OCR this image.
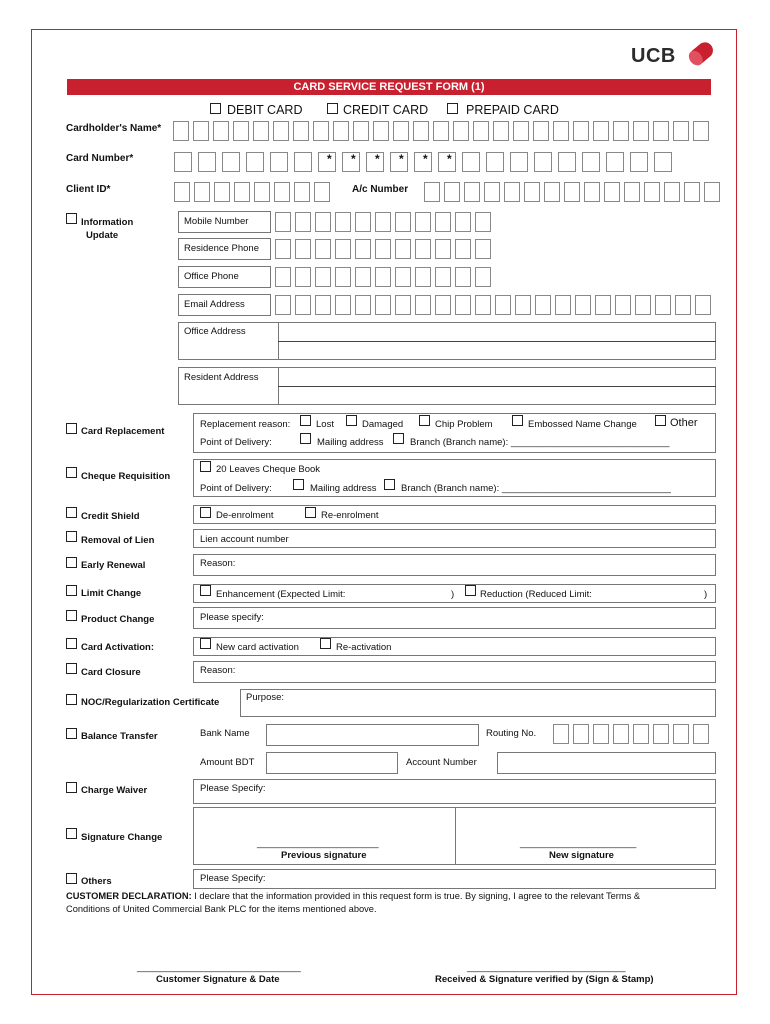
UCB
CARD SERVICE REQUEST FORM (1)
DEBIT CARD	CREDIT CARD	PREPAID CARD
Cardholder's Name*
Card Number*	* * * * * *
Client ID*	A/c Number
Information
Update
Mobile Number
Residence Phone
Office Phone
Email Address
Office Address
Resident Address
Card Replacement
Replacement reason:	Lost	Damaged	Chip Problem	Embossed Name Change	Other
Point of Delivery:	Mailing address	Branch (Branch name): ______________________________
Cheque Requisition
20 Leaves Cheque Book
Point of Delivery:	Mailing address	Branch (Branch name): ________________________________
Credit Shield	De-enrolment	Re-enrolment
Removal of Lien	Lien account number
Early Renewal	Reason:
Limit Change	Enhancement (Expected Limit:	)	Reduction (Reduced Limit:	)
Product Change	Please specify:
Card Activation:	New card activation	Re-activation
Card Closure	Reason:
NOC/Regularization Certificate	Purpose:
Balance Transfer	Bank Name	Routing No.
Amount BDT	Account Number
Charge Waiver	Please Specify:
Signature Change
_______________________
Previous signature
______________________
New signature
Others	Please Specify:
CUSTOMER DECLARATION: I declare that the information provided in this request form is true. By signing, I agree to the relevant Terms &
Conditions of United Commercial Bank PLC for the items mentioned above.
_______________________________
Customer Signature & Date
______________________________
Received & Signature verified by (Sign & Stamp)
